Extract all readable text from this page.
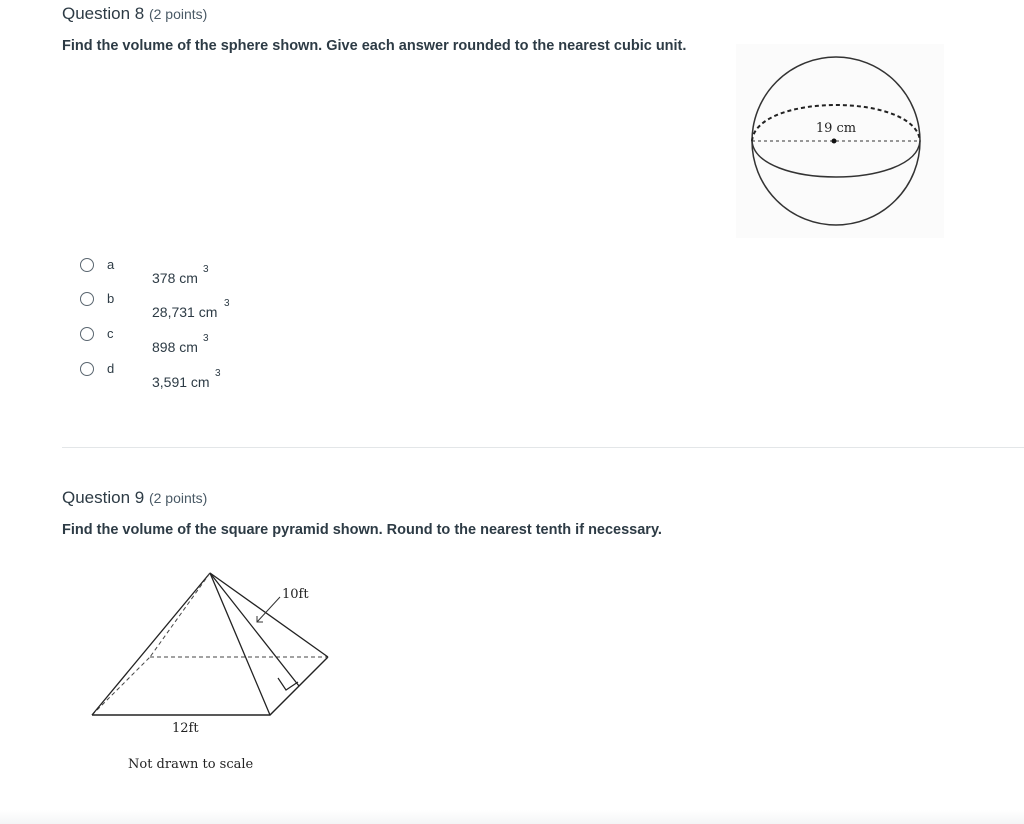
Question 8 (2 points)
Find the volume of the sphere shown. Give each answer rounded to the nearest cubic unit.
19 cm
a
378 cm
3
b
28,731 cm
3
c
898 cm
3
d
3,591 cm
3
Question 9 (2 points)
Find the volume of the square pyramid shown. Round to the nearest tenth if necessary.
10ft
12ft
Not drawn to scale
